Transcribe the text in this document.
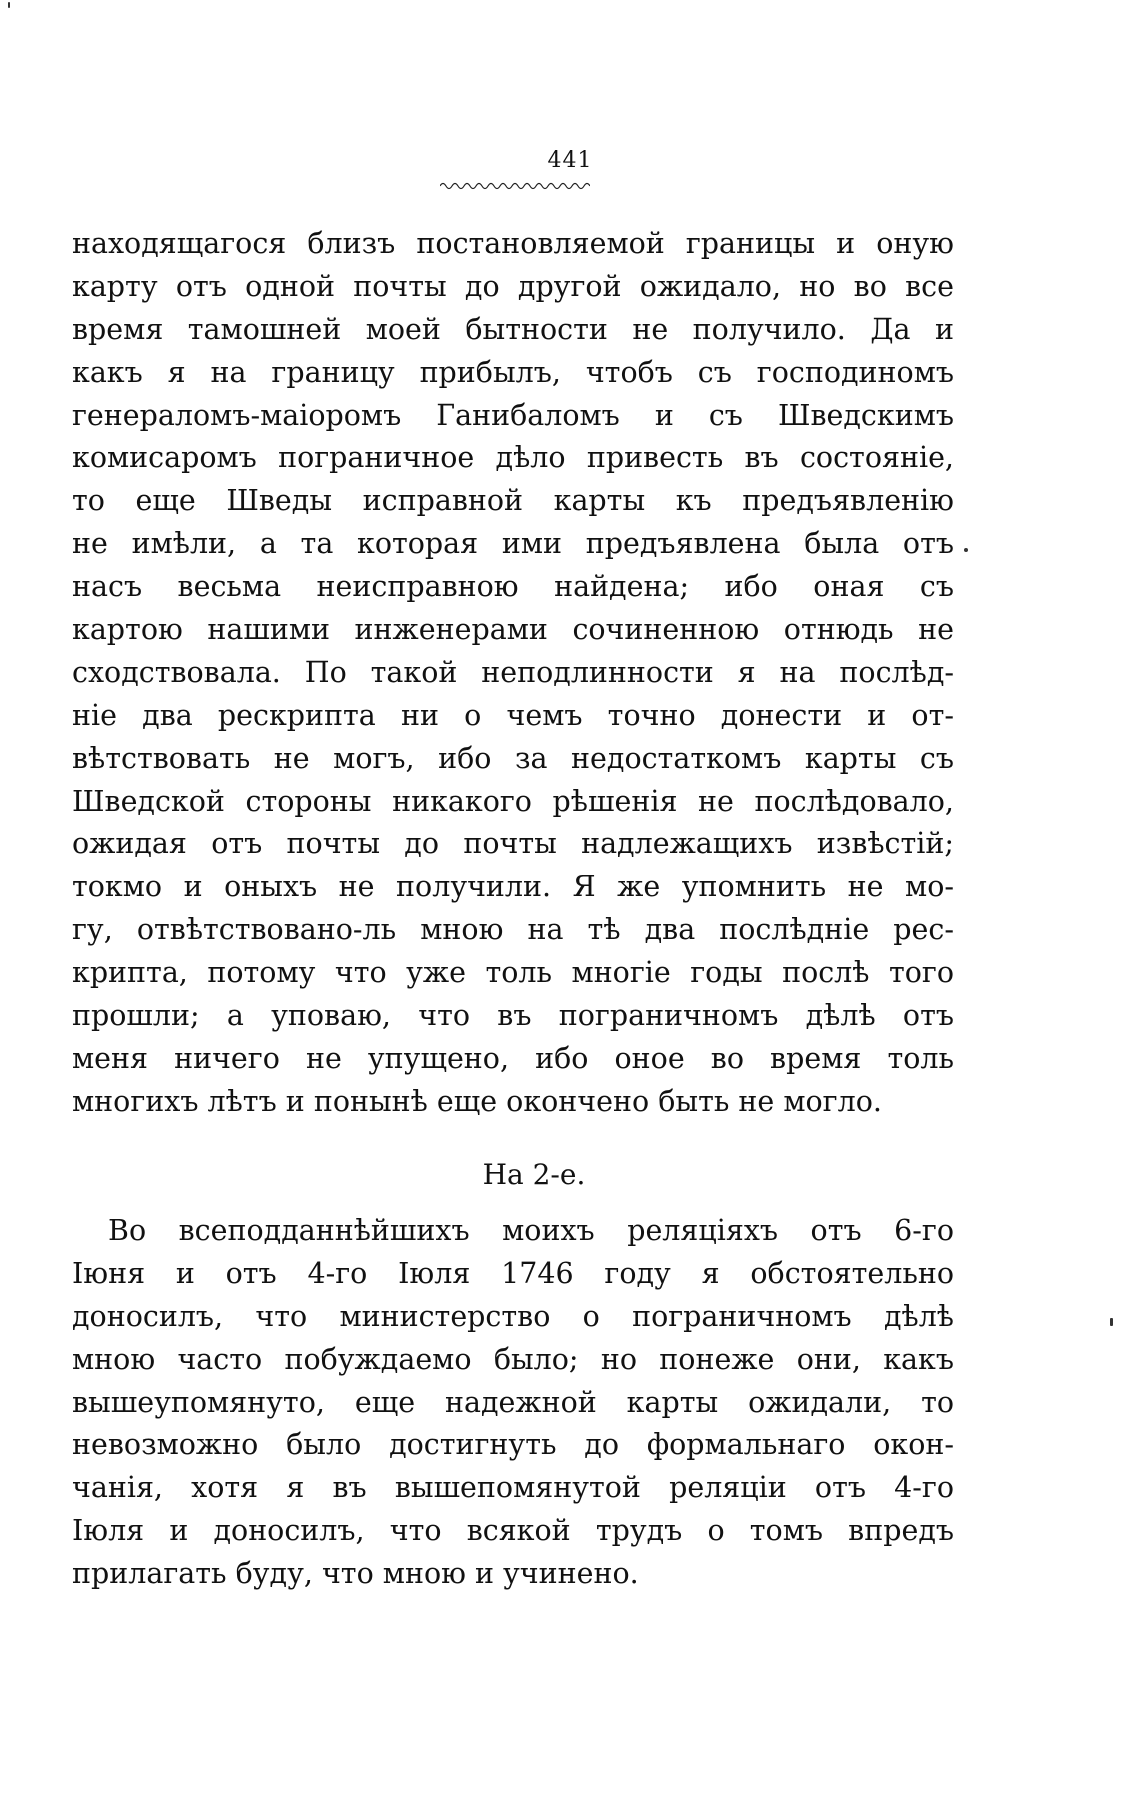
441
находящагося близъ постановляемой границы и оную
карту отъ одной почты до другой ожидало, но во все
время тамошней моей бытности не получило. Да и
какъ я на границу прибылъ, чтобъ съ господиномъ
генераломъ-маіоромъ Ганибаломъ и съ Шведскимъ
комисаромъ пограничное дѣло привесть въ состояніе,
то еще Шведы исправной карты къ предъявленію
не имѣли, а та которая ими предъявлена была отъ
насъ весьма неисправною найдена; ибо оная съ
картою нашими инженерами сочиненною отнюдь не
сходствовала. По такой неподлинности я на послѣд-
ніе два рескрипта ни о чемъ точно донести и от-
вѣтствовать не могъ, ибо за недостаткомъ карты съ
Шведской стороны никакого рѣшенія не послѣдовало,
ожидая отъ почты до почты надлежащихъ извѣстій;
токмо и оныхъ не получили. Я же упомнить не мо-
гу, отвѣтствовано-ль мною на тѣ два послѣдніе рес-
крипта, потому что уже толь многіе годы послѣ того
прошли; а уповаю, что въ пограничномъ дѣлѣ отъ
меня ничего не упущено, ибо оное во время толь
многихъ лѣтъ и понынѣ еще окончено быть не могло.
На 2-е.
Во всеподданнѣйшихъ моихъ реляціяхъ отъ 6-го
Іюня и отъ 4-го Іюля 1746 году я обстоятельно
доносилъ, что министерство о пограничномъ дѣлѣ
мною часто побуждаемо было; но понеже они, какъ
вышеупомянуто, еще надежной карты ожидали, то
невозможно было достигнуть до формальнаго окон-
чанія, хотя я въ вышепомянутой реляціи отъ 4-го
Іюля и доносилъ, что всякой трудъ о томъ впредъ
прилагать буду, что мною и учинено.
